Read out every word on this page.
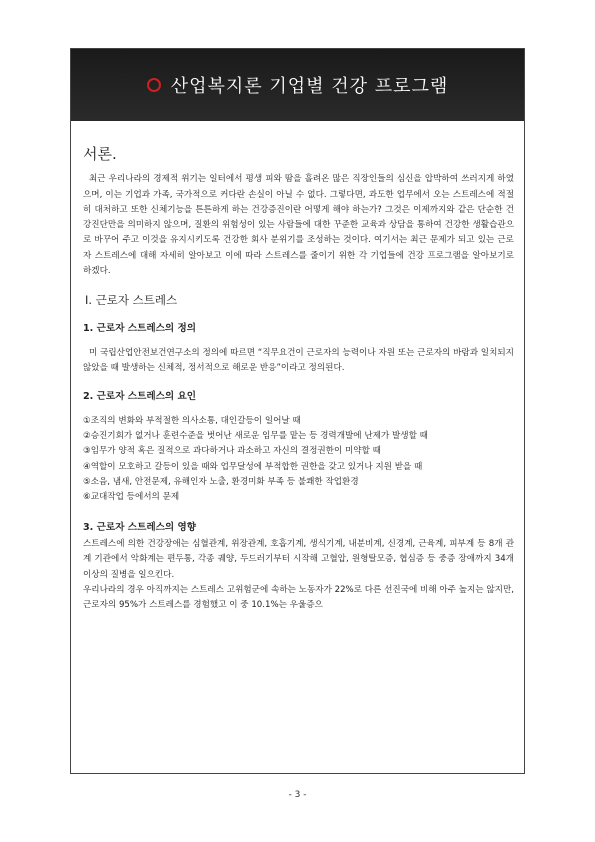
산업복지론 기업별 건강 프로그램
서론.

최근 우리나라의 경제적 위기는 일터에서 평생 피와 땀을 흘려온 많은 직장인들의 심신을 압박하여 쓰러지게 하였으며, 이는 기업과 가족, 국가적으로 커다란 손실이 아닐 수 없다. 그렇다면, 과도한 업무에서 오는 스트레스에 적절히 대처하고 또한 신체기능을 튼튼하게 하는 건강증진이란 어떻게 해야 하는가? 그것은 이제까지와 같은 단순한 건강진단만을 의미하지 않으며, 질환의 위험성이 있는 사람들에 대한 꾸준한 교육과 상담을 통하여 건강한 생활습관으로 바꾸어 주고 이것을 유지시키도록 건강한 회사 분위기를 조성하는 것이다. 여기서는 최근 문제가 되고 있는 근로자 스트레스에 대해 자세히 알아보고 이에 따라 스트레스를 줄이기 위한 각 기업들에 건강 프로그램을 알아보기로 하겠다.

Ⅰ. 근로자 스트레스
1. 근로자 스트레스의 정의

미 국립산업안전보건연구소의 정의에 따르면 “직무요건이 근로자의 능력이나 자원 또는 근로자의 바람과 일치되지 않았을 때 발생하는 신체적, 정서적으로 해로운 반응”이라고 정의된다.

2. 근로자 스트레스의 요인

①조직의 변화와 부적절한 의사소통, 대인갈등이 일어날 때

②승진기회가 없거나 훈련수준을 벗어난 새로운 임무를 맡는 등 경력개발에 난제가 발생할 때

③임무가 양적 혹은 질적으로 과다하거나 과소하고 자신의 결정권한이 미약할 때

④역할이 모호하고 갈등이 있을 때와 업무달성에 부적합한 권한을 갖고 있거나 지원 받을 때

⑤소음, 냄새, 안전문제, 유해인자 노출, 환경미화 부족 등 불쾌한 작업환경

⑥교대작업 등에서의 문제

3. 근로자 스트레스의 영향

스트레스에 의한 건강장애는 심혈관계, 위장관계, 호흡기계, 생식기계, 내분비계, 신경계, 근육계, 피부계 등 8개 관계 기관에서 악화계는 편두통, 각종 궤양, 두드러기부터 시작해 고혈압, 원형탈모증, 협심증 등 중증 장애까지 34개 이상의 질병을 일으킨다.

우리나라의 경우 아직까지는 스트레스 고위험군에 속하는 노동자가 22%로 다른 선진국에 비해 아주 높지는 않지만, 근로자의 95%가 스트레스를 경험했고 이 중 10.1%는 우울증으

- 3 -
